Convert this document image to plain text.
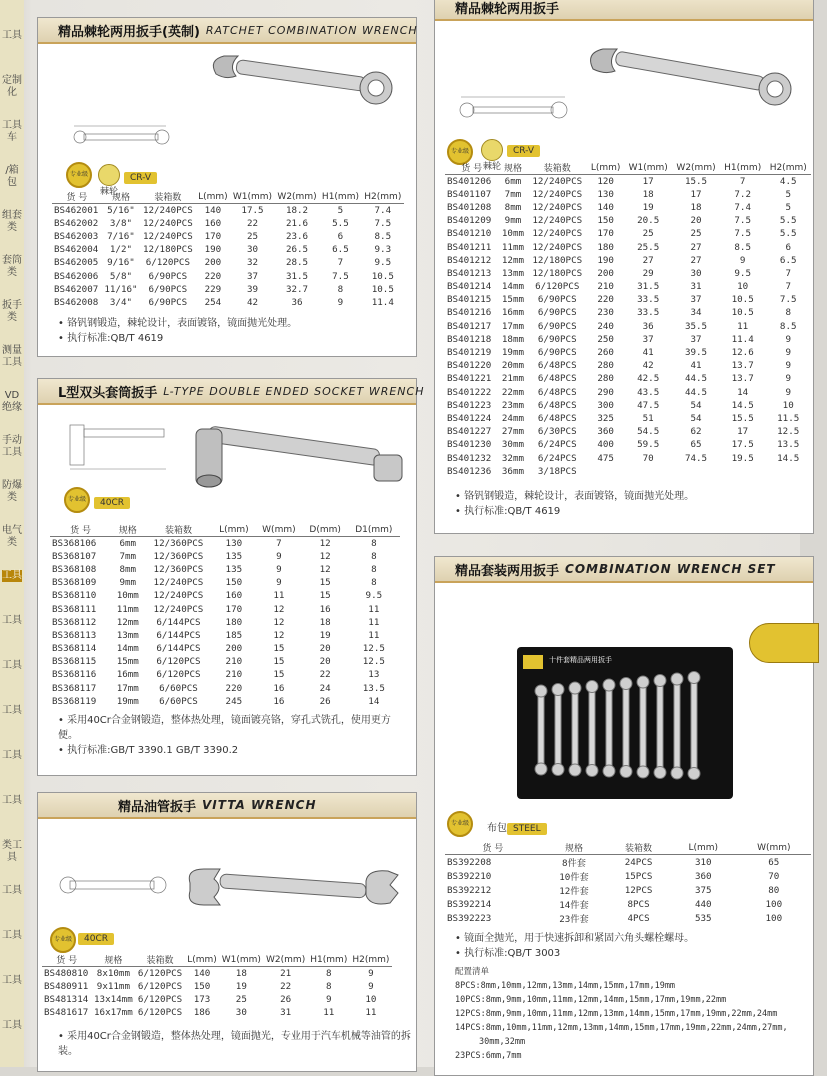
工具
定制化
工具车
/箱包
组套类
套筒类
扳手类
测量工具
VD绝缘
手动工具
防爆类
电气类
工具
工具
工具
工具
工具
工具
类工具
工具
工具
工具
工具
精品棘轮两用扳手(英制) RATCHET COMBINATION WRENCH
专业级
棘轮
CR-V
货 号	规格	装箱数	L(mm)	W1(mm)	W2(mm)	H1(mm)	H2(mm)
BS462001	5/16"	12/240PCS	140	17.5	18.2	5	7.4
BS462002	3/8"	12/240PCS	160	22	21.6	5.5	7.5
BS462003	7/16"	12/240PCS	170	25	23.6	6	8.5
BS462004	1/2"	12/180PCS	190	30	26.5	6.5	9.3
BS462005	9/16"	6/120PCS	200	32	28.5	7	9.5
BS462006	5/8"	6/90PCS	220	37	31.5	7.5	10.5
BS462007	11/16"	6/90PCS	229	39	32.7	8	10.5
BS462008	3/4"	6/90PCS	254	42	36	9	11.4
• 铬钒钢锻造，棘轮设计，表面镀铬，镜面抛光处理。
• 执行标准:QB/T 4619
L型双头套筒扳手 L-TYPE DOUBLE ENDED SOCKET WRENCH
专业级	40CR
货 号	规格	装箱数	L(mm)	W(mm)	D(mm)	D1(mm)
BS368106	6mm	12/360PCS	130	7	12	8
BS368107	7mm	12/360PCS	135	9	12	8
BS368108	8mm	12/360PCS	135	9	12	8
BS368109	9mm	12/240PCS	150	9	15	8
BS368110	10mm	12/240PCS	160	11	15	9.5
BS368111	11mm	12/240PCS	170	12	16	11
BS368112	12mm	6/144PCS	180	12	18	11
BS368113	13mm	6/144PCS	185	12	19	11
BS368114	14mm	6/144PCS	200	15	20	12.5
BS368115	15mm	6/120PCS	210	15	20	12.5
BS368116	16mm	6/120PCS	210	15	22	13
BS368117	17mm	6/60PCS	220	16	24	13.5
BS368119	19mm	6/60PCS	245	16	26	14
• 采用40Cr合金钢锻造，整体热处理，镜面镀亮铬，穿孔式铣孔，使用更方便。
• 执行标准:GB/T 3390.1 GB/T 3390.2
精品油管扳手 VITTA WRENCH
专业级	40CR
货 号	规格	装箱数	L(mm)	W1(mm)	W2(mm)	H1(mm)	H2(mm)
BS480810	8x10mm	6/120PCS	140	18	21	8	9
BS480911	9x11mm	6/120PCS	150	19	22	8	9
BS481314	13x14mm	6/120PCS	173	25	26	9	10
BS481617	16x17mm	6/120PCS	186	30	31	11	11
• 采用40Cr合金钢锻造，整体热处理，镜面抛光，专业用于汽车机械等油管的拆装。
精品棘轮两用扳手
专业级
棘轮
CR-V
货 号	规格	装箱数	L(mm)	W1(mm)	W2(mm)	H1(mm)	H2(mm)
BS401206	6mm	12/240PCS	120	17	15.5	7	4.5
BS401107	7mm	12/240PCS	130	18	17	7.2	5
BS401208	8mm	12/240PCS	140	19	18	7.4	5
BS401209	9mm	12/240PCS	150	20.5	20	7.5	5.5
BS401210	10mm	12/240PCS	170	25	25	7.5	5.5
BS401211	11mm	12/240PCS	180	25.5	27	8.5	6
BS401212	12mm	12/180PCS	190	27	27	9	6.5
BS401213	13mm	12/180PCS	200	29	30	9.5	7
BS401214	14mm	6/120PCS	210	31.5	31	10	7
BS401215	15mm	6/90PCS	220	33.5	37	10.5	7.5
BS401216	16mm	6/90PCS	230	33.5	34	10.5	8
BS401217	17mm	6/90PCS	240	36	35.5	11	8.5
BS401218	18mm	6/90PCS	250	37	37	11.4	9
BS401219	19mm	6/90PCS	260	41	39.5	12.6	9
BS401220	20mm	6/48PCS	280	42	41	13.7	9
BS401221	21mm	6/48PCS	280	42.5	44.5	13.7	9
BS401222	22mm	6/48PCS	290	43.5	44.5	14	9
BS401223	23mm	6/48PCS	300	47.5	54	14.5	10
BS401224	24mm	6/48PCS	325	51	54	15.5	11.5
BS401227	27mm	6/30PCS	360	54.5	62	17	12.5
BS401230	30mm	6/24PCS	400	59.5	65	17.5	13.5
BS401232	32mm	6/24PCS	475	70	74.5	19.5	14.5
BS401236	36mm	3/18PCS					
• 铬钒钢锻造，棘轮设计，表面镀铬，镜面抛光处理。
• 执行标准:QB/T 4619
精品套装两用扳手 COMBINATION WRENCH SET
十件套精品两用扳手
专业级	布包 STEEL
货 号	规格	装箱数	L(mm)	W(mm)
BS392208	8件套	24PCS	310	65
BS392210	10件套	15PCS	360	70
BS392212	12件套	12PCS	375	80
BS392214	14件套	8PCS	440	100
BS392223	23件套	4PCS	535	100
• 镜面全抛光，用于快速拆卸和紧固六角头螺栓螺母。
• 执行标准:QB/T 3003
配置清单
8PCS:8mm,10mm,12mm,13mm,14mm,15mm,17mm,19mm
10PCS:8mm,9mm,10mm,11mm,12mm,14mm,15mm,17mm,19mm,22mm
12PCS:8mm,9mm,10mm,11mm,12mm,13mm,14mm,15mm,17mm,19mm,22mm,24mm
14PCS:8mm,10mm,11mm,12mm,13mm,14mm,15mm,17mm,19mm,22mm,24mm,27mm,
30mm,32mm
23PCS:6mm,7mm
